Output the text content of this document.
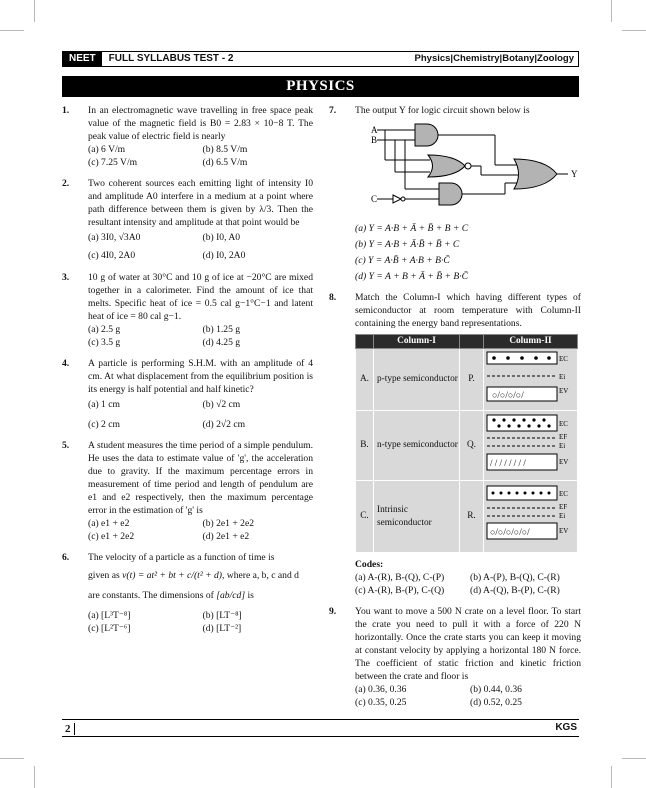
NEET	FULL SYLLABUS TEST - 2	Physics|Chemistry|Botany|Zoology
PHYSICS
1. In an electromagnetic wave travelling in free space peak value of the magnetic field is B0 = 2.83 × 10−8 T. The peak value of electric field is nearly
(a) 6 V/m	(b) 8.5 V/m
(c) 7.25 V/m	(d) 6.5 V/m
2. Two coherent sources each emitting light of intensity I0 and amplitude A0 interfere in a medium at a point where path difference between them is given by λ/3. Then the resultant intensity and amplitude at that point would be
(a) 3I0, √3A0	(b) I0, A0
(c) 4I0, 2A0	(d) I0, 2A0
3. 10 g of water at 30°C and 10 g of ice at −20°C are mixed together in a calorimeter. Find the amount of ice that melts. Specific heat of ice = 0.5 cal g−1°C−1 and latent heat of ice = 80 cal g−1.
(a) 2.5 g	(b) 1.25 g
(c) 3.5 g	(d) 4.25 g
4. A particle is performing S.H.M. with an amplitude of 4 cm. At what displacement from the equilibrium position is its energy is half potential and half kinetic?
(a) 1 cm	(b) √2 cm
(c) 2 cm	(d) 2√2 cm
5. A student measures the time period of a simple pendulum. He uses the data to estimate value of 'g', the acceleration due to gravity. If the maximum percentage errors in measurement of time period and length of pendulum are e1 and e2 respectively, then the maximum percentage error in the estimation of 'g' is
(a) e1 + e2	(b) 2e1 + 2e2
(c) e1 + 2e2	(d) 2e1 + e2
6. The velocity of a particle as a function of time is
given as v(t) = at² + bt + c/(t² + d), where a, b, c and d
are constants. The dimensions of [ab/cd] is
(a) [L³T⁻⁸]	(b) [LT⁻⁸]
(c) [L²T⁻⁶]	(d) [LT⁻²]
7. The output Y for logic circuit shown below is
A
B
C
Y
(a) Y = A·B + Ā + B̄ + B + C
(b) Y = A·B + Ā·B̄ + B̄ + C
(c) Y = A·B̄ + A·B + B·C̄
(d) Y = A + B + Ā + B̄ + B·C̄
8. Match the Column-I which having different types of semiconductor at room temperature with Column-II containing the energy band representations.
	Column-I		Column-II
A.	p-type semiconductor	P.	○/○/○/○/
EC
Ei
EV

B.	n-type semiconductor	Q.	/ / / / / / / /
EC
EF
Ei
EV

C.	Intrinsic semiconductor	R.	○/○/○/○/○/
EC
EF
Ei
EV
Codes:
(a) A-(R), B-(Q), C-(P)	(b) A-(P), B-(Q), C-(R)
(c) A-(R), B-(P), C-(Q)	(d) A-(Q), B-(P), C-(R)
9. You want to move a 500 N crate on a level floor. To start the crate you need to pull it with a force of 220 N horizontally. Once the crate starts you can keep it moving at constant velocity by applying a horizontal 180 N force. The coefficient of static friction and kinetic friction between the crate and floor is
(a) 0.36, 0.36	(b) 0.44, 0.36
(c) 0.35, 0.25	(d) 0.52, 0.25
2	KGS
